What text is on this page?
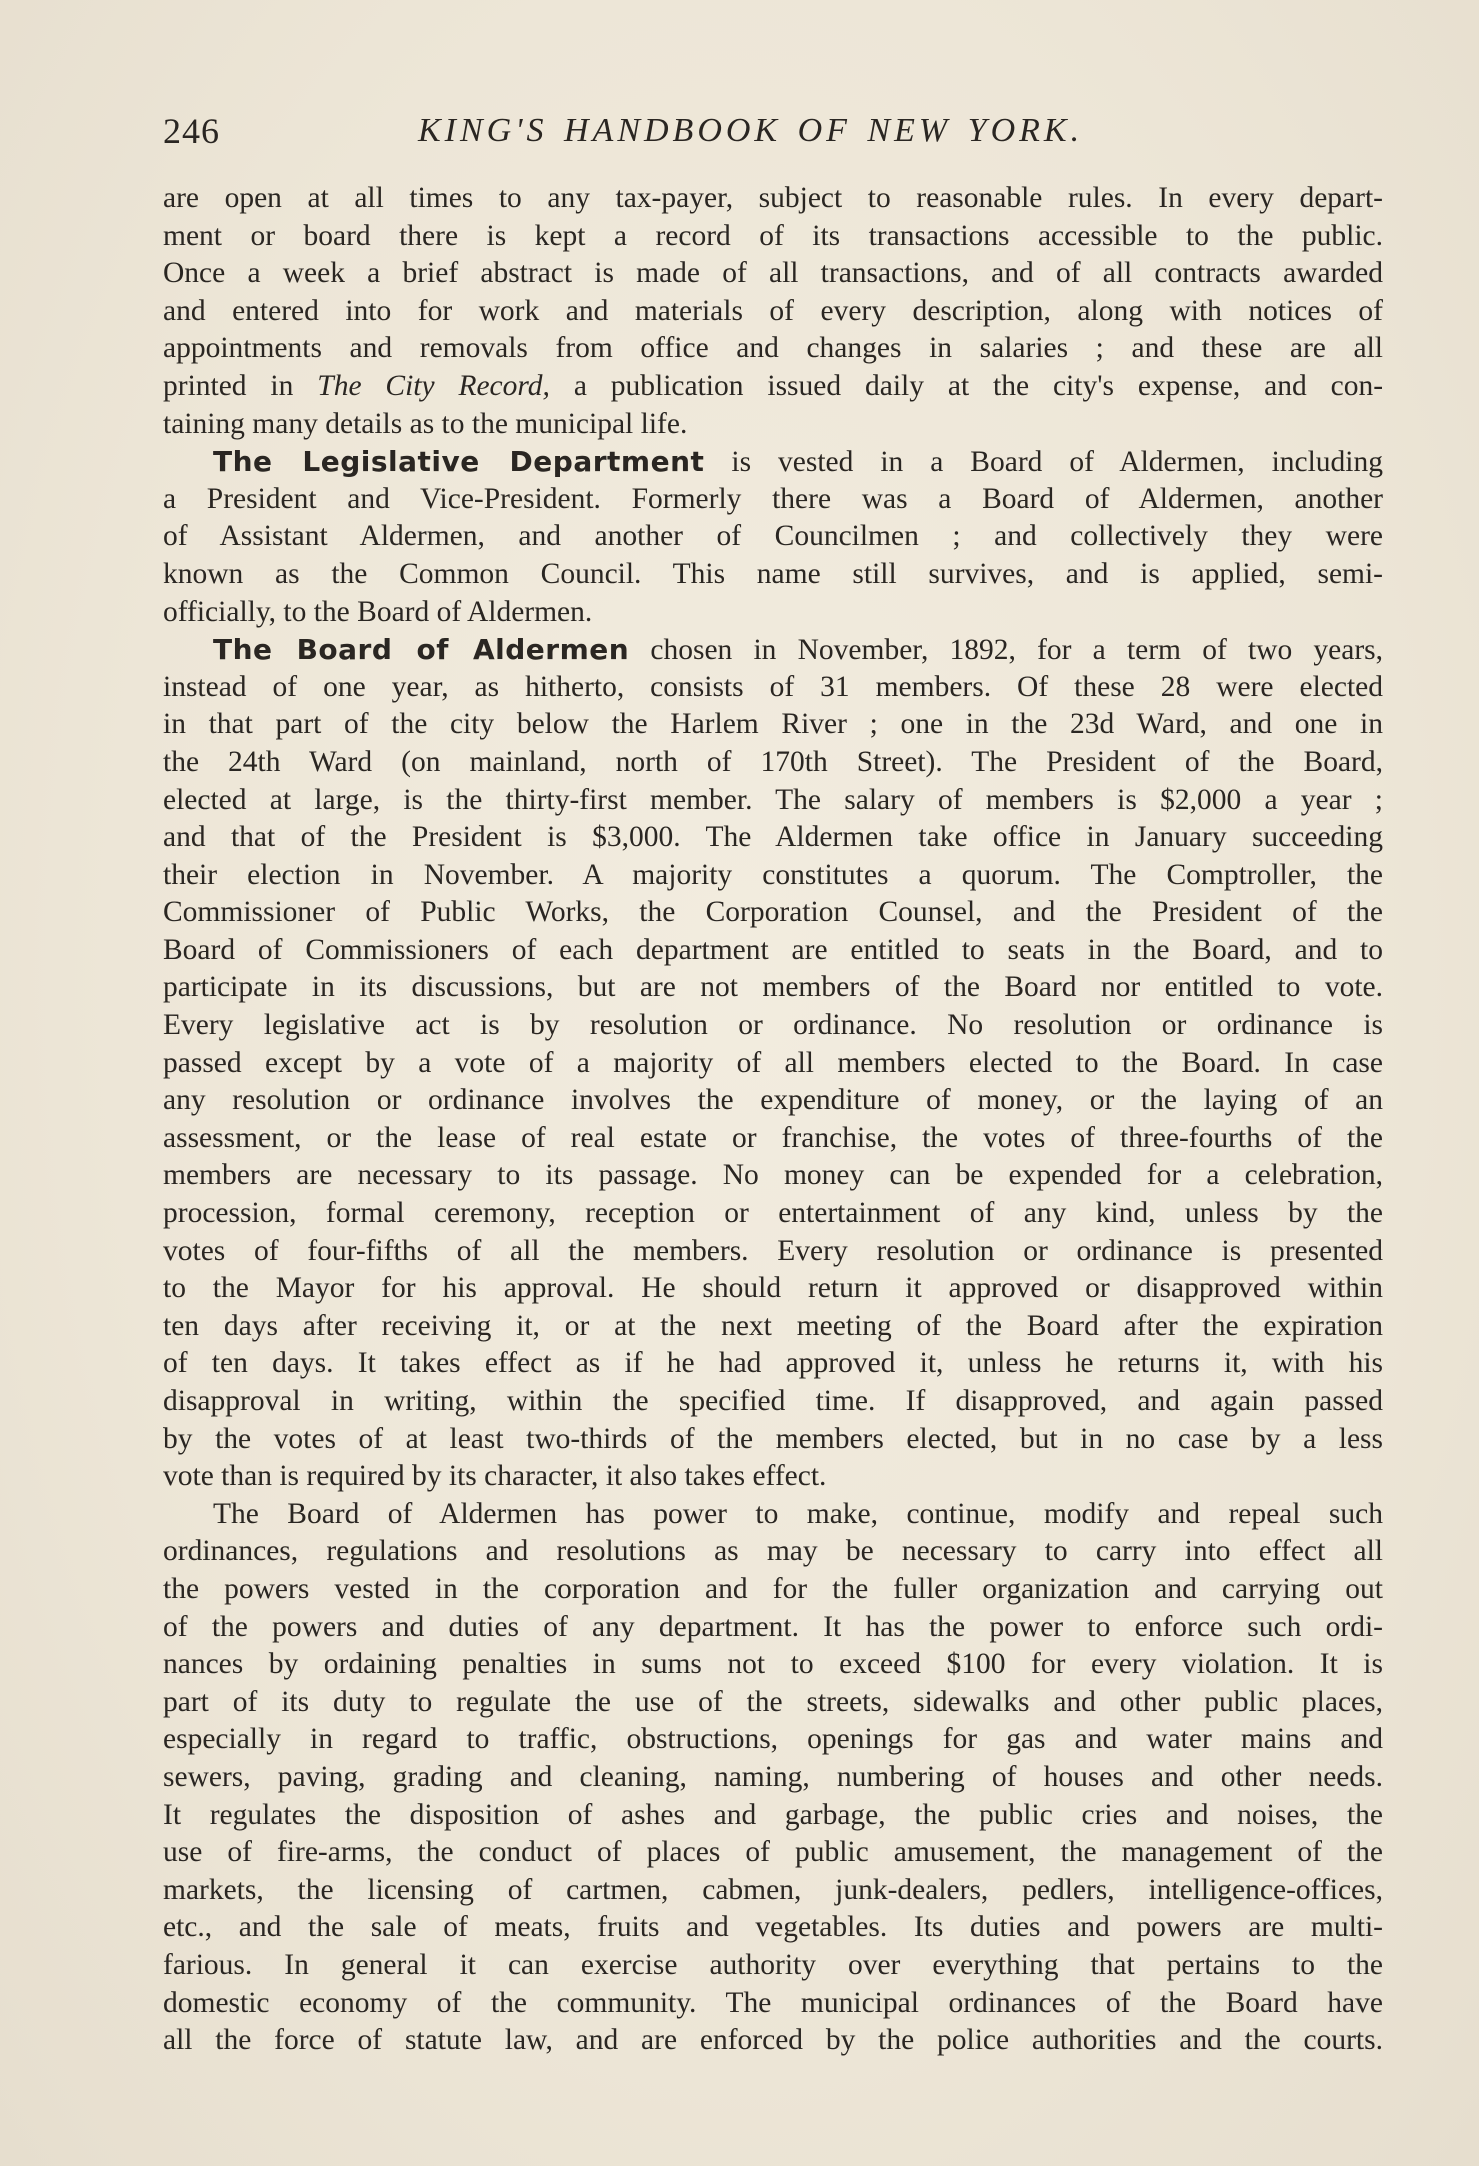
246	KING'S HANDBOOK OF NEW YORK.
are open at all times to any tax-payer, subject to reasonable rules. In every depart-
ment or board there is kept a record of its transactions accessible to the public.
Once a week a brief abstract is made of all transactions, and of all contracts awarded
and entered into for work and materials of every description, along with notices of
appointments and removals from office and changes in salaries ; and these are all
printed in The City Record, a publication issued daily at the city's expense, and con-
taining many details as to the municipal life.
The Legislative Department is vested in a Board of Aldermen, including
a President and Vice-President. Formerly there was a Board of Aldermen, another
of Assistant Aldermen, and another of Councilmen ; and collectively they were
known as the Common Council. This name still survives, and is applied, semi-
officially, to the Board of Aldermen.
The Board of Aldermen chosen in November, 1892, for a term of two years,
instead of one year, as hitherto, consists of 31 members. Of these 28 were elected
in that part of the city below the Harlem River ; one in the 23d Ward, and one in
the 24th Ward (on mainland, north of 170th Street). The President of the Board,
elected at large, is the thirty-first member. The salary of members is $2,000 a year ;
and that of the President is $3,000. The Aldermen take office in January succeeding
their election in November. A majority constitutes a quorum. The Comptroller, the
Commissioner of Public Works, the Corporation Counsel, and the President of the
Board of Commissioners of each department are entitled to seats in the Board, and to
participate in its discussions, but are not members of the Board nor entitled to vote.
Every legislative act is by resolution or ordinance. No resolution or ordinance is
passed except by a vote of a majority of all members elected to the Board. In case
any resolution or ordinance involves the expenditure of money, or the laying of an
assessment, or the lease of real estate or franchise, the votes of three-fourths of the
members are necessary to its passage. No money can be expended for a celebration,
procession, formal ceremony, reception or entertainment of any kind, unless by the
votes of four-fifths of all the members. Every resolution or ordinance is presented
to the Mayor for his approval. He should return it approved or disapproved within
ten days after receiving it, or at the next meeting of the Board after the expiration
of ten days. It takes effect as if he had approved it, unless he returns it, with his
disapproval in writing, within the specified time. If disapproved, and again passed
by the votes of at least two-thirds of the members elected, but in no case by a less
vote than is required by its character, it also takes effect.
The Board of Aldermen has power to make, continue, modify and repeal such
ordinances, regulations and resolutions as may be necessary to carry into effect all
the powers vested in the corporation and for the fuller organization and carrying out
of the powers and duties of any department. It has the power to enforce such ordi-
nances by ordaining penalties in sums not to exceed $100 for every violation. It is
part of its duty to regulate the use of the streets, sidewalks and other public places,
especially in regard to traffic, obstructions, openings for gas and water mains and
sewers, paving, grading and cleaning, naming, numbering of houses and other needs.
It regulates the disposition of ashes and garbage, the public cries and noises, the
use of fire-arms, the conduct of places of public amusement, the management of the
markets, the licensing of cartmen, cabmen, junk-dealers, pedlers, intelligence-offices,
etc., and the sale of meats, fruits and vegetables. Its duties and powers are multi-
farious. In general it can exercise authority over everything that pertains to the
domestic economy of the community. The municipal ordinances of the Board have
all the force of statute law, and are enforced by the police authorities and the courts.
